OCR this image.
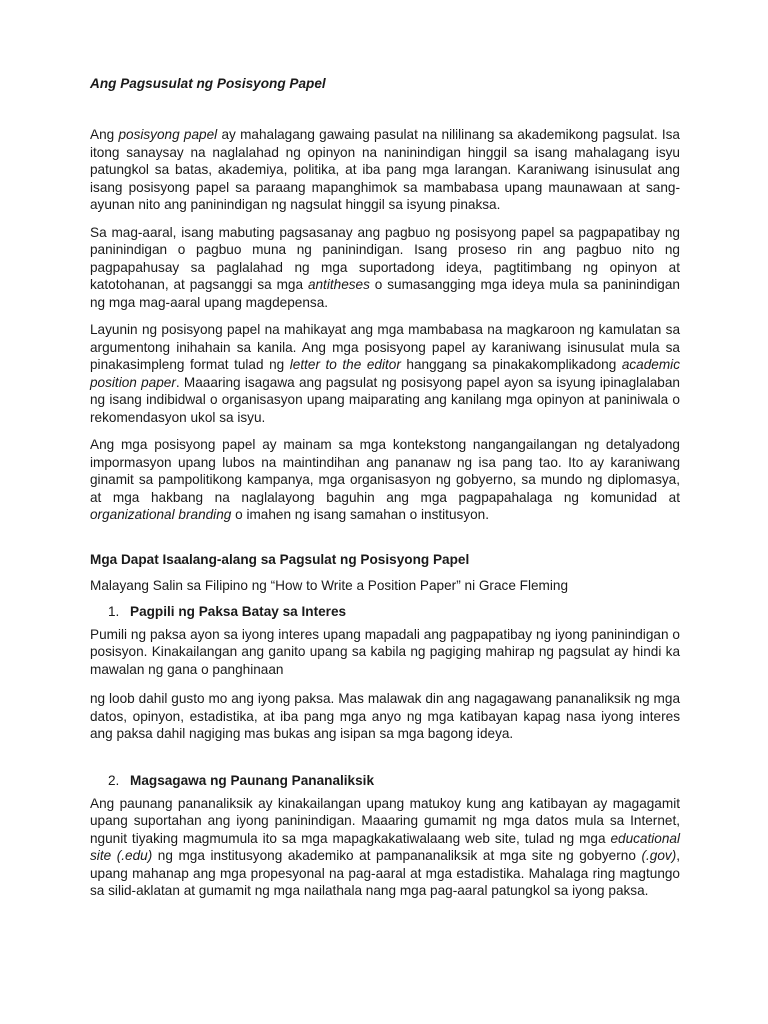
Ang Pagsusulat ng Posisyong Papel

Ang posisyong papel ay mahalagang gawaing pasulat na nililinang sa akademikong pagsulat. Isa itong sanaysay na naglalahad ng opinyon na naninindigan hinggil sa isang mahalagang isyu patungkol sa batas, akademiya, politika, at iba pang mga larangan. Karaniwang isinusulat ang isang posisyong papel sa paraang mapanghimok sa mambabasa upang maunawaan at sang-ayunan nito ang paninindigan ng nagsulat hinggil sa isyung pinaksa.

Sa mag-aaral, isang mabuting pagsasanay ang pagbuo ng posisyong papel sa pagpapatibay ng paninindigan o pagbuo muna ng paninindigan. Isang proseso rin ang pagbuo nito ng pagpapahusay sa paglalahad ng mga suportadong ideya, pagtitimbang ng opinyon at katotohanan, at pagsanggi sa mga antitheses o sumasangging mga ideya mula sa paninindigan ng mga mag-aaral upang magdepensa.

Layunin ng posisyong papel na mahikayat ang mga mambabasa na magkaroon ng kamulatan sa argumentong inihahain sa kanila. Ang mga posisyong papel ay karaniwang isinusulat mula sa pinakasimpleng format tulad ng letter to the editor hanggang sa pinakakomplikadong academic position paper. Maaaring isagawa ang pagsulat ng posisyong papel ayon sa isyung ipinaglalaban ng isang indibidwal o organisasyon upang maiparating ang kanilang mga opinyon at paniniwala o rekomendasyon ukol sa isyu.

Ang mga posisyong papel ay mainam sa mga kontekstong nangangailangan ng detalyadong impormasyon upang lubos na maintindihan ang pananaw ng isa pang tao. Ito ay karaniwang ginamit sa pampolitikong kampanya, mga organisasyon ng gobyerno, sa mundo ng diplomasya, at mga hakbang na naglalayong baguhin ang mga pagpapahalaga ng komunidad at organizational branding o imahen ng isang samahan o institusyon.

Mga Dapat Isaalang-alang sa Pagsulat ng Posisyong Papel
Malayang Salin sa Filipino ng “How to Write a Position Paper” ni Grace Fleming
1. Pagpili ng Paksa Batay sa Interes

Pumili ng paksa ayon sa iyong interes upang mapadali ang pagpapatibay ng iyong paninindigan o posisyon. Kinakailangan ang ganito upang sa kabila ng pagiging mahirap ng pagsulat ay hindi ka mawalan ng gana o panghinaan

ng loob dahil gusto mo ang iyong paksa. Mas malawak din ang nagagawang pananaliksik ng mga datos, opinyon, estadistika, at iba pang mga anyo ng mga katibayan kapag nasa iyong interes ang paksa dahil nagiging mas bukas ang isipan sa mga bagong ideya.

2. Magsagawa ng Paunang Pananaliksik

Ang paunang pananaliksik ay kinakailangan upang matukoy kung ang katibayan ay magagamit upang suportahan ang iyong paninindigan. Maaaring gumamit ng mga datos mula sa Internet, ngunit tiyaking magmumula ito sa mga mapagkakatiwalaang web site, tulad ng mga educational site (.edu) ng mga institusyong akademiko at pampananaliksik at mga site ng gobyerno (.gov), upang mahanap ang mga propesyonal na pag-aaral at mga estadistika. Mahalaga ring magtungo sa silid-aklatan at gumamit ng mga nailathala nang mga pag-aaral patungkol sa iyong paksa.
